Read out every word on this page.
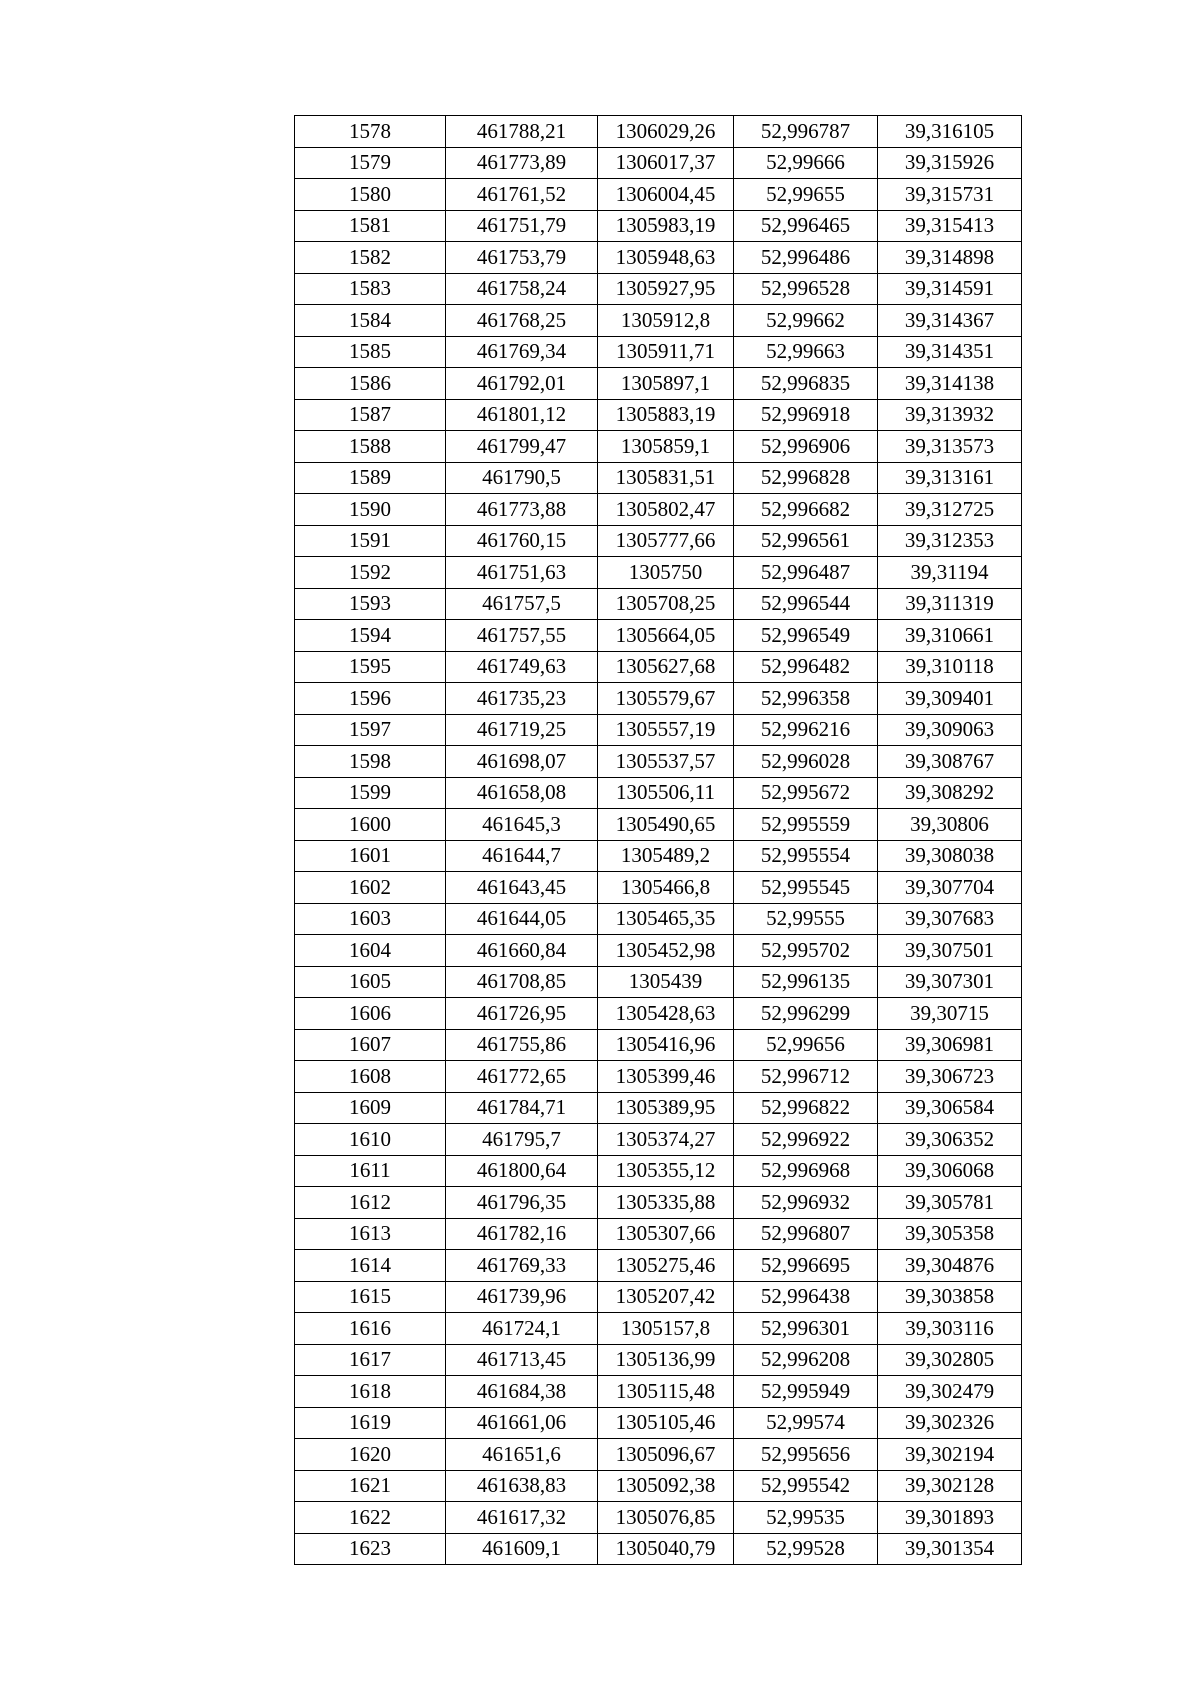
1578	461788,21	1306029,26	52,996787	39,316105
1579	461773,89	1306017,37	52,99666	39,315926
1580	461761,52	1306004,45	52,99655	39,315731
1581	461751,79	1305983,19	52,996465	39,315413
1582	461753,79	1305948,63	52,996486	39,314898
1583	461758,24	1305927,95	52,996528	39,314591
1584	461768,25	1305912,8	52,99662	39,314367
1585	461769,34	1305911,71	52,99663	39,314351
1586	461792,01	1305897,1	52,996835	39,314138
1587	461801,12	1305883,19	52,996918	39,313932
1588	461799,47	1305859,1	52,996906	39,313573
1589	461790,5	1305831,51	52,996828	39,313161
1590	461773,88	1305802,47	52,996682	39,312725
1591	461760,15	1305777,66	52,996561	39,312353
1592	461751,63	1305750	52,996487	39,31194
1593	461757,5	1305708,25	52,996544	39,311319
1594	461757,55	1305664,05	52,996549	39,310661
1595	461749,63	1305627,68	52,996482	39,310118
1596	461735,23	1305579,67	52,996358	39,309401
1597	461719,25	1305557,19	52,996216	39,309063
1598	461698,07	1305537,57	52,996028	39,308767
1599	461658,08	1305506,11	52,995672	39,308292
1600	461645,3	1305490,65	52,995559	39,30806
1601	461644,7	1305489,2	52,995554	39,308038
1602	461643,45	1305466,8	52,995545	39,307704
1603	461644,05	1305465,35	52,99555	39,307683
1604	461660,84	1305452,98	52,995702	39,307501
1605	461708,85	1305439	52,996135	39,307301
1606	461726,95	1305428,63	52,996299	39,30715
1607	461755,86	1305416,96	52,99656	39,306981
1608	461772,65	1305399,46	52,996712	39,306723
1609	461784,71	1305389,95	52,996822	39,306584
1610	461795,7	1305374,27	52,996922	39,306352
1611	461800,64	1305355,12	52,996968	39,306068
1612	461796,35	1305335,88	52,996932	39,305781
1613	461782,16	1305307,66	52,996807	39,305358
1614	461769,33	1305275,46	52,996695	39,304876
1615	461739,96	1305207,42	52,996438	39,303858
1616	461724,1	1305157,8	52,996301	39,303116
1617	461713,45	1305136,99	52,996208	39,302805
1618	461684,38	1305115,48	52,995949	39,302479
1619	461661,06	1305105,46	52,99574	39,302326
1620	461651,6	1305096,67	52,995656	39,302194
1621	461638,83	1305092,38	52,995542	39,302128
1622	461617,32	1305076,85	52,99535	39,301893
1623	461609,1	1305040,79	52,99528	39,301354
